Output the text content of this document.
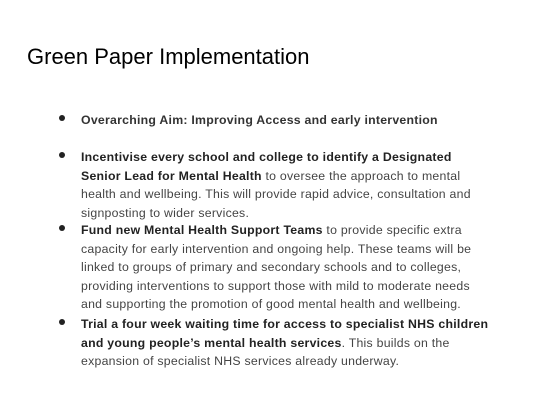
Green Paper Implementation
Overarching Aim: Improving Access and early intervention
Incentivise every school and college to identify a Designated Senior Lead for Mental Health to oversee the approach to mental health and wellbeing. This will provide rapid advice, consultation and signposting to wider services.
Fund new Mental Health Support Teams to provide specific extra capacity for early intervention and ongoing help. These teams will be linked to groups of primary and secondary schools and to colleges, providing interventions to support those with mild to moderate needs and supporting the promotion of good mental health and wellbeing.
Trial a four week waiting time for access to specialist NHS children and young people’s mental health services. This builds on the expansion of specialist NHS services already underway.
